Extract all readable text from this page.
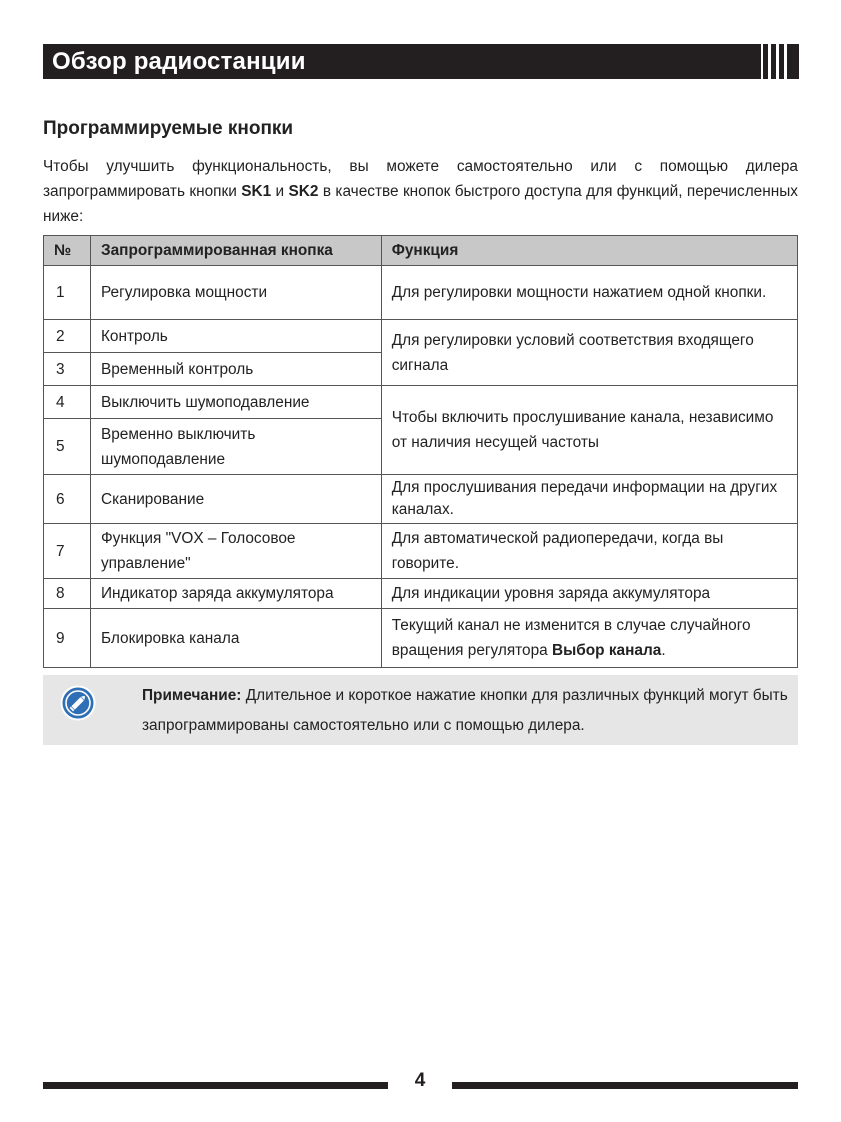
Обзор радиостанции
Программируемые кнопки

Чтобы улучшить функциональность, вы можете самостоятельно или с помощью дилера запрограммировать кнопки SK1 и SK2 в качестве кнопок быстрого доступа для функций, перечисленных ниже:

№	Запрограммированная кнопка	Функция
1	Регулировка мощности	Для регулировки мощности нажатием одной кнопки.
2	Контроль	Для регулировки условий соответствия входящего сигнала
3	Временный контроль	
4	Выключить шумоподавление	Чтобы включить прослушивание канала, независимо от наличия несущей частоты
5	Временно выключить шумоподавление	
6	Сканирование	Для прослушивания передачи информации на других каналах.
7	Функция "VOX – Голосовое управление"	Для автоматической радиопередачи, когда вы говорите.
8	Индикатор заряда аккумулятора	Для индикации уровня заряда аккумулятора
9	Блокировка канала	Текущий канал не изменится в случае случайного вращения регулятора Выбор канала.

Примечание: Длительное и короткое нажатие кнопки для различных функций могут быть запрограммированы самостоятельно или с помощью дилера.

4
